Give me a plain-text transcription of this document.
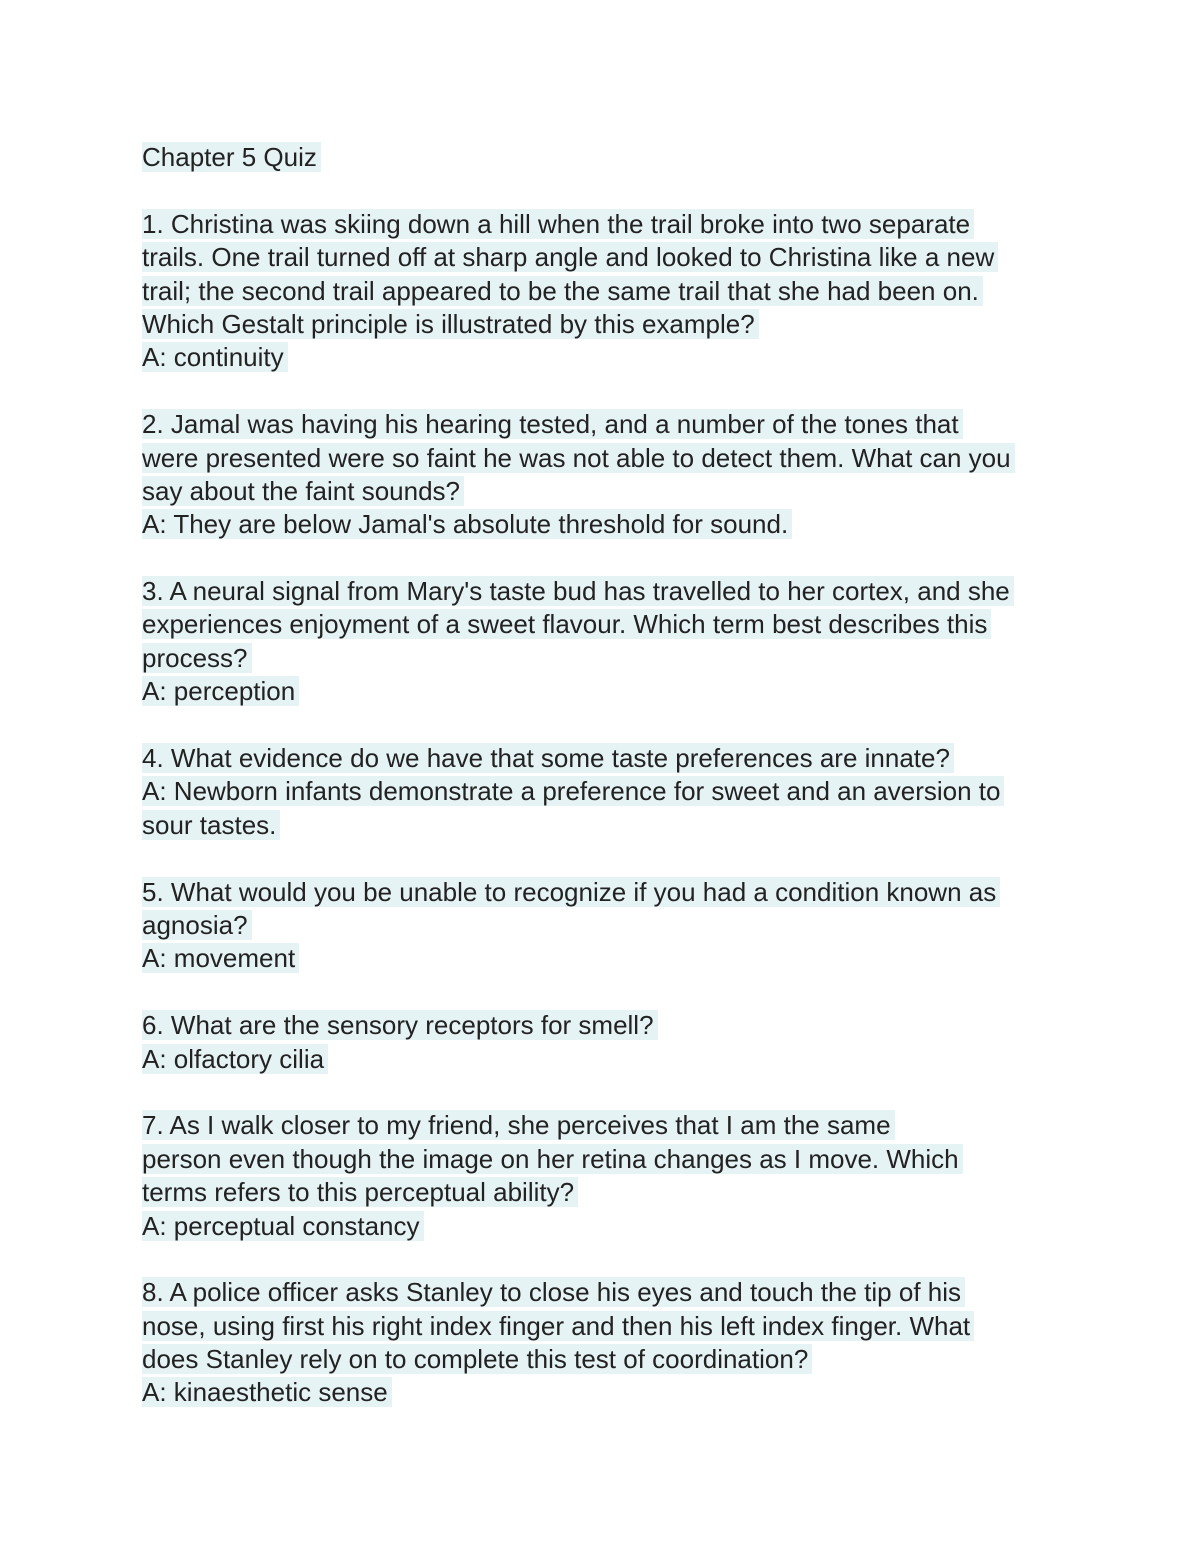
Chapter 5 Quiz
1. Christina was skiing down a hill when the trail broke into two separate
trails. One trail turned off at sharp angle and looked to Christina like a new
trail; the second trail appeared to be the same trail that she had been on.
Which Gestalt principle is illustrated by this example?
A: continuity
2. Jamal was having his hearing tested, and a number of the tones that
were presented were so faint he was not able to detect them. What can you
say about the faint sounds?
A: They are below Jamal's absolute threshold for sound.
3. A neural signal from Mary's taste bud has travelled to her cortex, and she
experiences enjoyment of a sweet flavour. Which term best describes this
process?
A: perception
4. What evidence do we have that some taste preferences are innate?
A: Newborn infants demonstrate a preference for sweet and an aversion to
sour tastes.
5. What would you be unable to recognize if you had a condition known as
agnosia?
A: movement
6. What are the sensory receptors for smell?
A: olfactory cilia
7. As I walk closer to my friend, she perceives that I am the same
person even though the image on her retina changes as I move. Which
terms refers to this perceptual ability?
A: perceptual constancy
8. A police officer asks Stanley to close his eyes and touch the tip of his
nose, using first his right index finger and then his left index finger. What
does Stanley rely on to complete this test of coordination?
A: kinaesthetic sense
